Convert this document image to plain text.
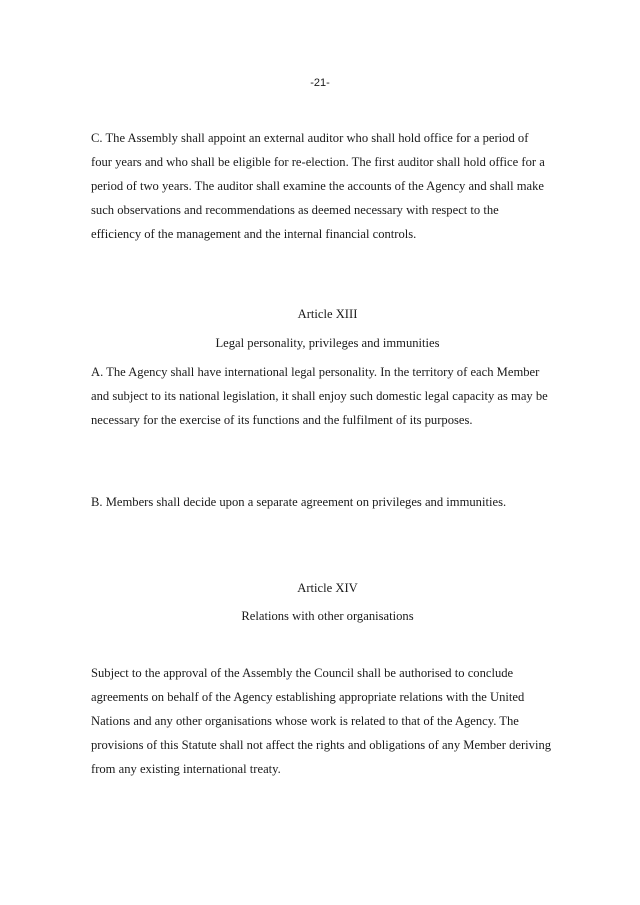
-21-

C. The Assembly shall appoint an external auditor who shall hold office for a period of
four years and who shall be eligible for re-election. The first auditor shall hold office for a
period of two years. The auditor shall examine the accounts of the Agency and shall make
such observations and recommendations as deemed necessary with respect to the
efficiency of the management and the internal financial controls.

Article XIII
Legal personality, privileges and immunities

A. The Agency shall have international legal personality. In the territory of each Member
and subject to its national legislation, it shall enjoy such domestic legal capacity as may be
necessary for the exercise of its functions and the fulfilment of its purposes.

B. Members shall decide upon a separate agreement on privileges and immunities.

Article XIV
Relations with other organisations

Subject to the approval of the Assembly the Council shall be authorised to conclude
agreements on behalf of the Agency establishing appropriate relations with the United
Nations and any other organisations whose work is related to that of the Agency. The
provisions of this Statute shall not affect the rights and obligations of any Member deriving
from any existing international treaty.
